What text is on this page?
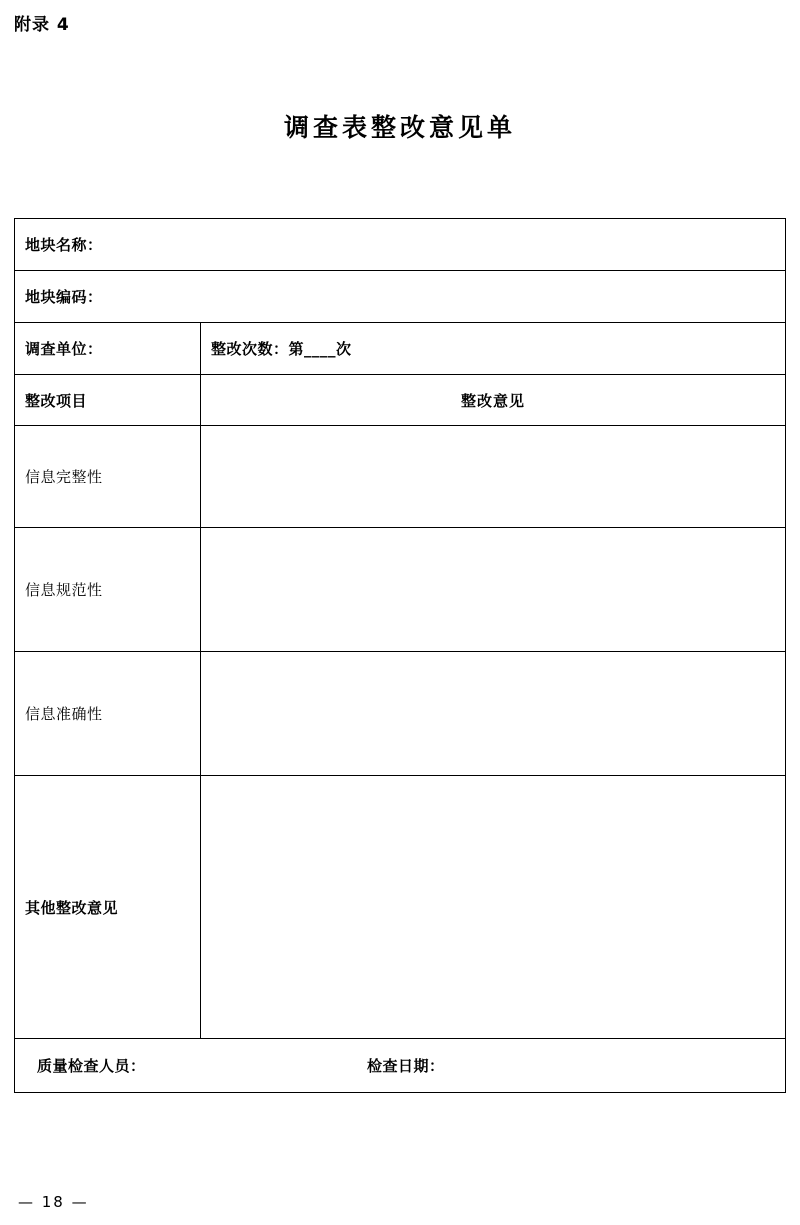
附录 4
调查表整改意见单
地块名称：	

地块编码：	

调查单位：	整改次数：第____次

整改项目	整改意见

信息完整性	

信息规范性	

信息准确性	

其他整改意见	

质量检查人员： 检查日期：	
— 18 —
